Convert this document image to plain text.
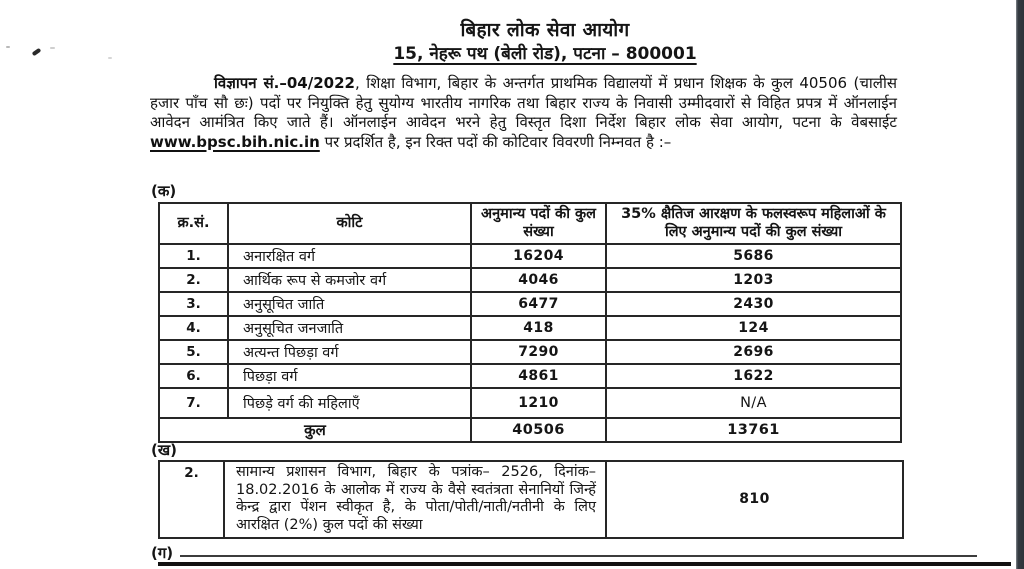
बिहार लोक सेवा आयोग
15, नेहरू पथ (बेली रोड), पटना – 800001
विज्ञापन सं.–04/2022, शिक्षा विभाग, बिहार के अन्तर्गत प्राथमिक विद्यालयों में प्रधान शिक्षक के कुल 40506 (चालीस हजार पाँच सौ छः) पदों पर नियुक्ति हेतु सुयोग्य भारतीय नागरिक तथा बिहार राज्य के निवासी उम्मीदवारों से विहित प्रपत्र में ऑनलाईन आवेदन आमंत्रित किए जाते हैं। ऑनलाईन आवेदन भरने हेतु विस्तृत दिशा निर्देश बिहार लोक सेवा आयोग, पटना के वेबसाईट www.bpsc.bih.nic.in पर प्रदर्शित है, इन रिक्त पदों की कोटिवार विवरणी निम्नवत है :–
(क)
क्र.सं.	कोटि	अनुमान्य पदों की कुल संख्या	35% क्षैतिज आरक्षण के फलस्वरूप महिलाओं के लिए अनुमान्य पदों की कुल संख्या
1.	अनारक्षित वर्ग	16204	5686
2.	आर्थिक रूप से कमजोर वर्ग	4046	1203
3.	अनुसूचित जाति	6477	2430
4.	अनुसूचित जनजाति	418	124
5.	अत्यन्त पिछड़ा वर्ग	7290	2696
6.	पिछड़ा वर्ग	4861	1622
7.	पिछड़े वर्ग की महिलाएँ	1210	N/A
कुल		40506	13761
(ख)
2.	सामान्य प्रशासन विभाग, बिहार के पत्रांक– 2526, दिनांक– 18.02.2016 के आलोक में राज्य के वैसे स्वतंत्रता सेनानियों जिन्हें केन्द्र द्वारा पेंशन स्वीकृत है, के पोता/पोती/नाती/नतीनी के लिए आरक्षित (2%) कुल पदों की संख्या	810
(ग)
